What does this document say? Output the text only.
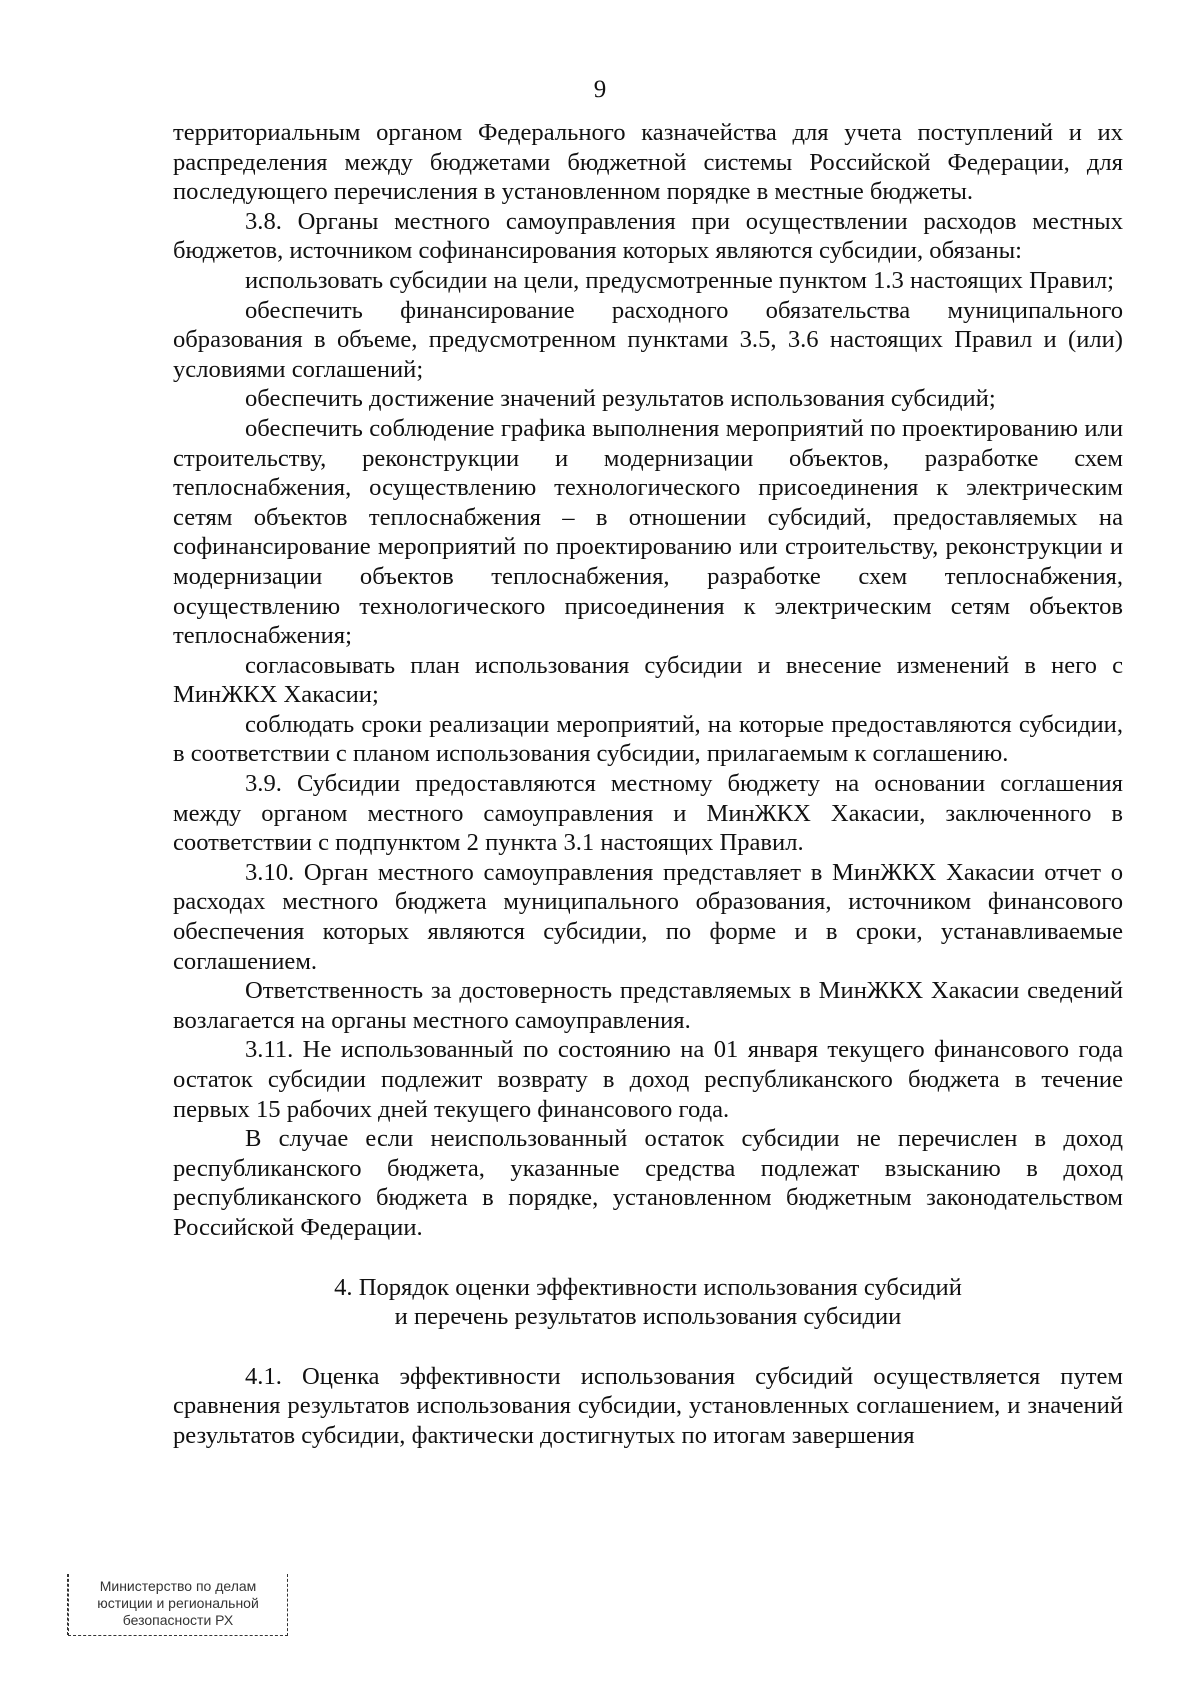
9

территориальным органом Федерального казначейства для учета поступлений и их распределения между бюджетами бюджетной системы Российской Федерации, для последующего перечисления в установленном порядке в местные бюджеты.

3.8. Органы местного самоуправления при осуществлении расходов местных бюджетов, источником софинансирования которых являются субсидии, обязаны:

использовать субсидии на цели, предусмотренные пунктом 1.3 настоящих Правил;

обеспечить финансирование расходного обязательства муниципального образования в объеме, предусмотренном пунктами 3.5, 3.6 настоящих Правил и (или) условиями соглашений;

обеспечить достижение значений результатов использования субсидий;

обеспечить соблюдение графика выполнения мероприятий по проектированию или строительству, реконструкции и модернизации объектов, разработке схем теплоснабжения, осуществлению технологического присоединения к электрическим сетям объектов теплоснабжения – в отношении субсидий, предоставляемых на софинансирование мероприятий по проектированию или строительству, реконструкции и модернизации объектов теплоснабжения, разработке схем теплоснабжения, осуществлению технологического присоединения к электрическим сетям объектов теплоснабжения;

согласовывать план использования субсидии и внесение изменений в него с МинЖКХ Хакасии;

соблюдать сроки реализации мероприятий, на которые предоставляются субсидии, в соответствии с планом использования субсидии, прилагаемым к соглашению.

3.9. Субсидии предоставляются местному бюджету на основании соглашения между органом местного самоуправления и МинЖКХ Хакасии, заключенного в соответствии с подпунктом 2 пункта 3.1 настоящих Правил.

3.10. Орган местного самоуправления представляет в МинЖКХ Хакасии отчет о расходах местного бюджета муниципального образования, источником финансового обеспечения которых являются субсидии, по форме и в сроки, устанавливаемые соглашением.

Ответственность за достоверность представляемых в МинЖКХ Хакасии сведений возлагается на органы местного самоуправления.

3.11. Не использованный по состоянию на 01 января текущего финансового года остаток субсидии подлежит возврату в доход республиканского бюджета в течение первых 15 рабочих дней текущего финансового года.

В случае если неиспользованный остаток субсидии не перечислен в доход республиканского бюджета, указанные средства подлежат взысканию в доход республиканского бюджета в порядке, установленном бюджетным законодательством Российской Федерации.

4. Порядок оценки эффективности использования субсидий
и перечень результатов использования субсидии

4.1. Оценка эффективности использования субсидий осуществляется путем сравнения результатов использования субсидии, установленных соглашением, и значений результатов субсидии, фактически достигнутых по итогам завершения

Министерство по делам
юстиции и региональной
безопасности РХ
